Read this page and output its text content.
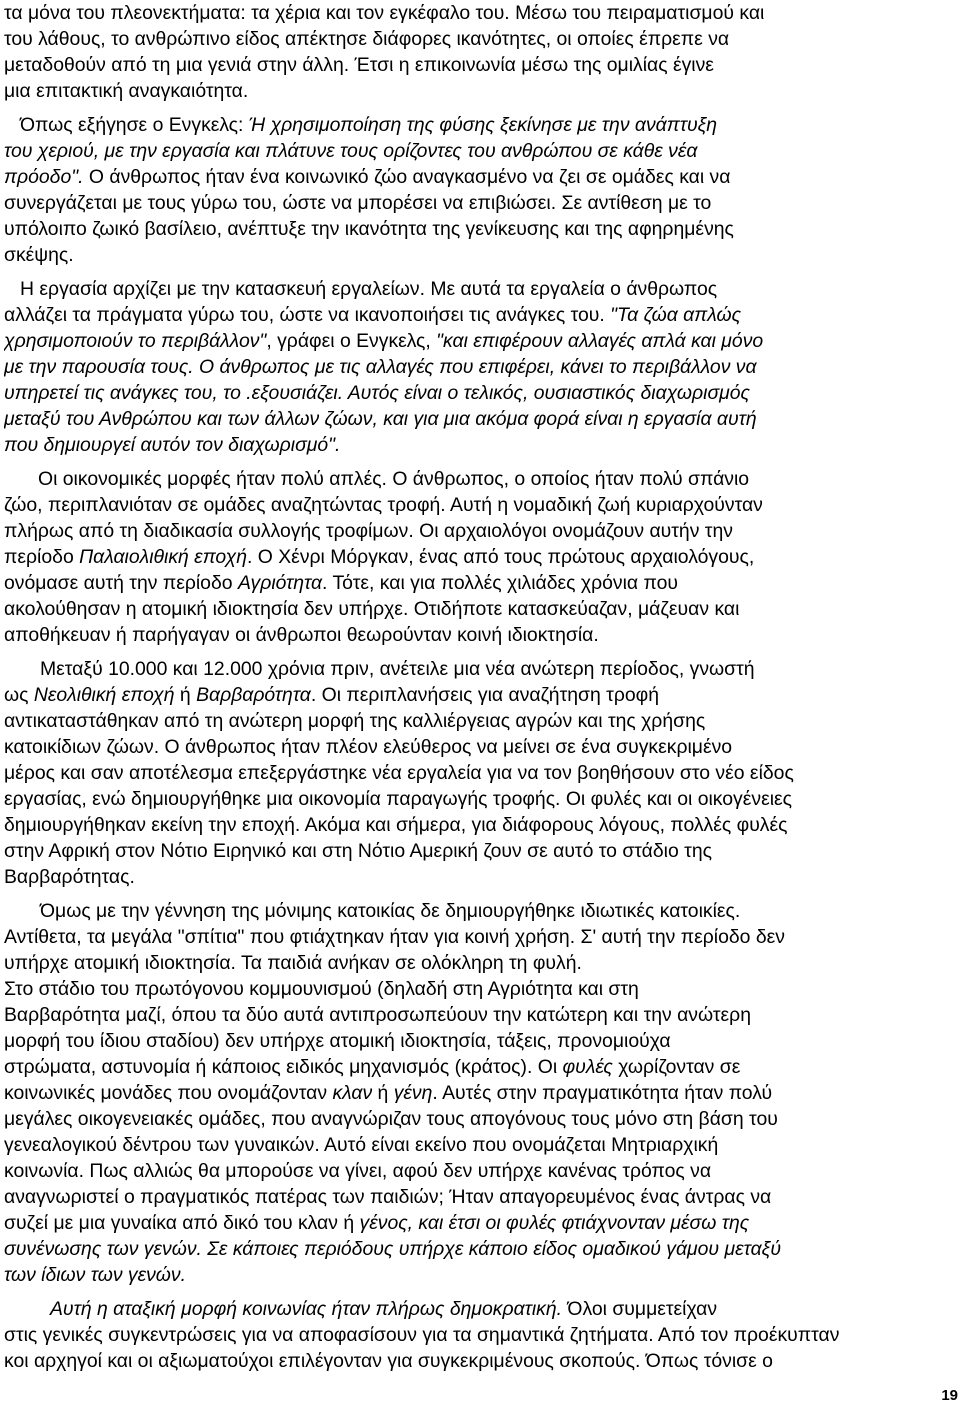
τα μόνα του πλεονεκτήματα: τα χέρια και τον εγκέφαλο του. Μέσω του πειραματισμού και
του λάθους, το ανθρώπινο είδος απέκτησε διάφορες ικανότητες, οι οποίες έπρεπε να
μεταδοθούν από τη μια γενιά στην άλλη. Έτσι η επικοινωνία μέσω της ομιλίας έγινε
μια επιτακτική αναγκαιότητα.
Όπως εξήγησε ο Ενγκελς: Ή χρησιμοποίηση της φύσης ξεκίνησε με την ανάπτυξη
του χεριού, με την εργασία και πλάτυνε τους ορίζοντες του ανθρώπου σε κάθε νέα
πρόοδο". Ο άνθρωπος ήταν ένα κοινωνικό ζώο αναγκασμένο να ζει σε ομάδες και να
συνεργάζεται με τους γύρω του, ώστε να μπορέσει να επιβιώσει. Σε αντίθεση με το
υπόλοιπο ζωικό βασίλειο, ανέπτυξε την ικανότητα της γενίκευσης και της αφηρημένης
σκέψης.
Η εργασία αρχίζει με την κατασκευή εργαλείων. Με αυτά τα εργαλεία ο άνθρωπος
αλλάζει τα πράγματα γύρω του, ώστε να ικανοποιήσει τις ανάγκες του. "Τα ζώα απλώς
χρησιμοποιούν το περιβάλλον", γράφει ο Ενγκελς, "και επιφέρουν αλλαγές απλά και μόνο
με την παρουσία τους. Ο άνθρωπος με τις αλλαγές που επιφέρει, κάνει το περιβάλλον να
υπηρετεί τις ανάγκες του, το .εξουσιάζει. Αυτός είναι ο τελικός, ουσιαστικός διαχωρισμός
μεταξύ του Ανθρώπου και των άλλων ζώων, και για μια ακόμα φορά είναι η εργασία αυτή
που δημιουργεί αυτόν τον διαχωρισμό".
Οι οικονομικές μορφές ήταν πολύ απλές. Ο άνθρωπος, ο οποίος ήταν πολύ σπάνιο
ζώο, περιπλανιόταν σε ομάδες αναζητώντας τροφή. Αυτή η νομαδική ζωή κυριαρχούνταν
πλήρως από τη διαδικασία συλλογής τροφίμων. Οι αρχαιολόγοι ονομάζουν αυτήν την
περίοδο Παλαιολιθική εποχή. Ο Χένρι Μόργκαν, ένας από τους πρώτους αρχαιολόγους,
ονόμασε αυτή την περίοδο Αγριότητα. Τότε, και για πολλές χιλιάδες χρόνια που
ακολούθησαν η ατομική ιδιοκτησία δεν υπήρχε. Οτιδήποτε κατασκεύαζαν, μάζευαν και
αποθήκευαν ή παρήγαγαν οι άνθρωποι θεωρούνταν κοινή ιδιοκτησία.
Μεταξύ 10.000 και 12.000 χρόνια πριν, ανέτειλε μια νέα ανώτερη περίοδος, γνωστή
ως Νεολιθική εποχή ή Βαρβαρότητα. Οι περιπλανήσεις για αναζήτηση τροφή
αντικαταστάθηκαν από τη ανώτερη μορφή της καλλιέργειας αγρών και της χρήσης
κατοικίδιων ζώων. Ο άνθρωπος ήταν πλέον ελεύθερος να μείνει σε ένα συγκεκριμένο
μέρος και σαν αποτέλεσμα επεξεργάστηκε νέα εργαλεία για να τον βοηθήσουν στο νέο είδος
εργασίας, ενώ δημιουργήθηκε μια οικονομία παραγωγής τροφής. Οι φυλές και οι οικογένειες
δημιουργήθηκαν εκείνη την εποχή. Ακόμα και σήμερα, για διάφορους λόγους, πολλές φυλές
στην Αφρική στον Νότιο Ειρηνικό και στη Νότιο Αμερική ζουν σε αυτό το στάδιο της
Βαρβαρότητας.
Όμως με την γέννηση της μόνιμης κατοικίας δε δημιουργήθηκε ιδιωτικές κατοικίες.
Αντίθετα, τα μεγάλα "σπίτια" που φτιάχτηκαν ήταν για κοινή χρήση. Σ' αυτή την περίοδο δεν
υπήρχε ατομική ιδιοκτησία. Τα παιδιά ανήκαν σε ολόκληρη τη φυλή.
Στο στάδιο του πρωτόγονου κομμουνισμού (δηλαδή στη Αγριότητα και στη
Βαρβαρότητα μαζί, όπου τα δύο αυτά αντιπροσωπεύουν την κατώτερη και την ανώτερη
μορφή του ίδιου σταδίου) δεν υπήρχε ατομική ιδιοκτησία, τάξεις, προνομιούχα
στρώματα, αστυνομία ή κάποιος ειδικός μηχανισμός (κράτος). Οι φυλές χωρίζονταν σε
κοινωνικές μονάδες που ονομάζονταν κλαν ή γένη. Αυτές στην πραγματικότητα ήταν πολύ
μεγάλες οικογενειακές ομάδες, που αναγνώριζαν τους απογόνους τους μόνο στη βάση του
γενεαλογικού δέντρου των γυναικών. Αυτό είναι εκείνο που ονομάζεται Μητριαρχική
κοινωνία. Πως αλλιώς θα μπορούσε να γίνει, αφού δεν υπήρχε κανένας τρόπος να
αναγνωριστεί ο πραγματικός πατέρας των παιδιών; Ήταν απαγορευμένος ένας άντρας να
συζεί με μια γυναίκα από δικό του κλαν ή γένος, και έτσι οι φυλές φτιάχνονταν μέσω της
συνένωσης των γενών. Σε κάποιες περιόδους υπήρχε κάποιο είδος ομαδικού γάμου μεταξύ
των ίδιων των γενών.
Αυτή η αταξική μορφή κοινωνίας ήταν πλήρως δημοκρατική. Όλοι συμμετείχαν
στις γενικές συγκεντρώσεις για να αποφασίσουν για τα σημαντικά ζητήματα. Από τον προέκυπταν
κοι αρχηγοί και οι αξιωματούχοι επιλέγονταν για συγκεκριμένους σκοπούς. Όπως τόνισε ο
19
